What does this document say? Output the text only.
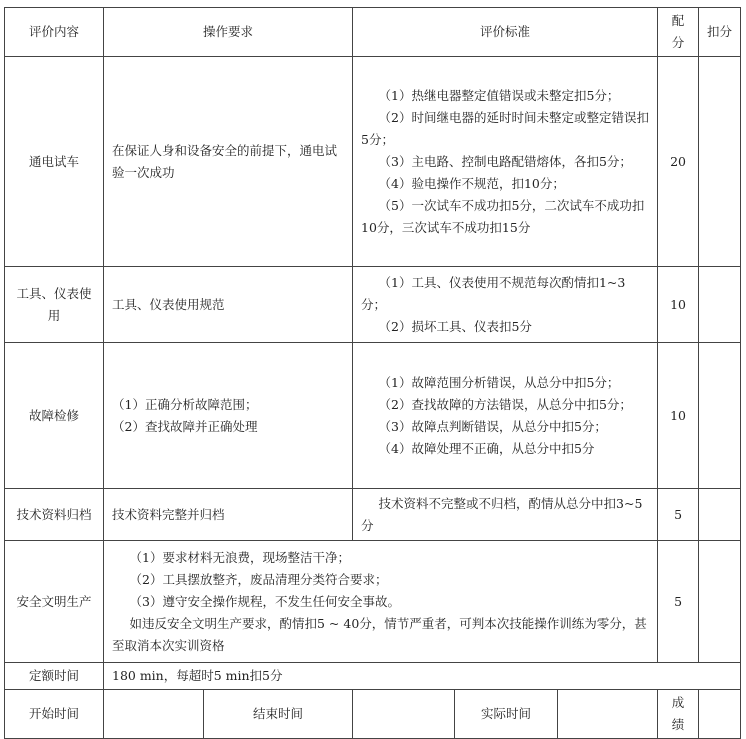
评价内容	操作要求		评价标准			配分	扣分
通电试车	在保证人身和设备安全的前提下，通电试验一次成功		（1）热继电器整定值错误或未整定扣5分；
（2）时间继电器的延时时间未整定或整定错误扣5分；
（3）主电路、控制电路配错熔体，各扣5分；
（4）验电操作不规范，扣10分；
（5）一次试车不成功扣5分，二次试车不成功扣10分，三次试车不成功扣15分			20	
工具、仪表使用	工具、仪表使用规范		（1）工具、仪表使用不规范每次酌情扣1~3分；
（2）损坏工具、仪表扣5分			10	
故障检修	（1）正确分析故障范围；
（2）查找故障并正确处理		（1）故障范围分析错误，从总分中扣5分；
（2）查找故障的方法错误，从总分中扣5分；
（3）故障点判断错误，从总分中扣5分；
（4）故障处理不正确，从总分中扣5分			10	
技术资料归档	技术资料完整并归档		技术资料不完整或不归档，酌情从总分中扣3~5分			5	
安全文明生产	（1）要求材料无浪费，现场整洁干净；
（2）工具摆放整齐，废品清理分类符合要求；
（3）遵守安全操作规程，不发生任何安全事故。
如违反安全文明生产要求，酌情扣5 ~ 40分，情节严重者，可判本次技能操作训练为零分，甚至取消本次实训资格					5	
定额时间	180 min，每超时5 min扣5分						
开始时间		结束时间		实际时间		成绩	
